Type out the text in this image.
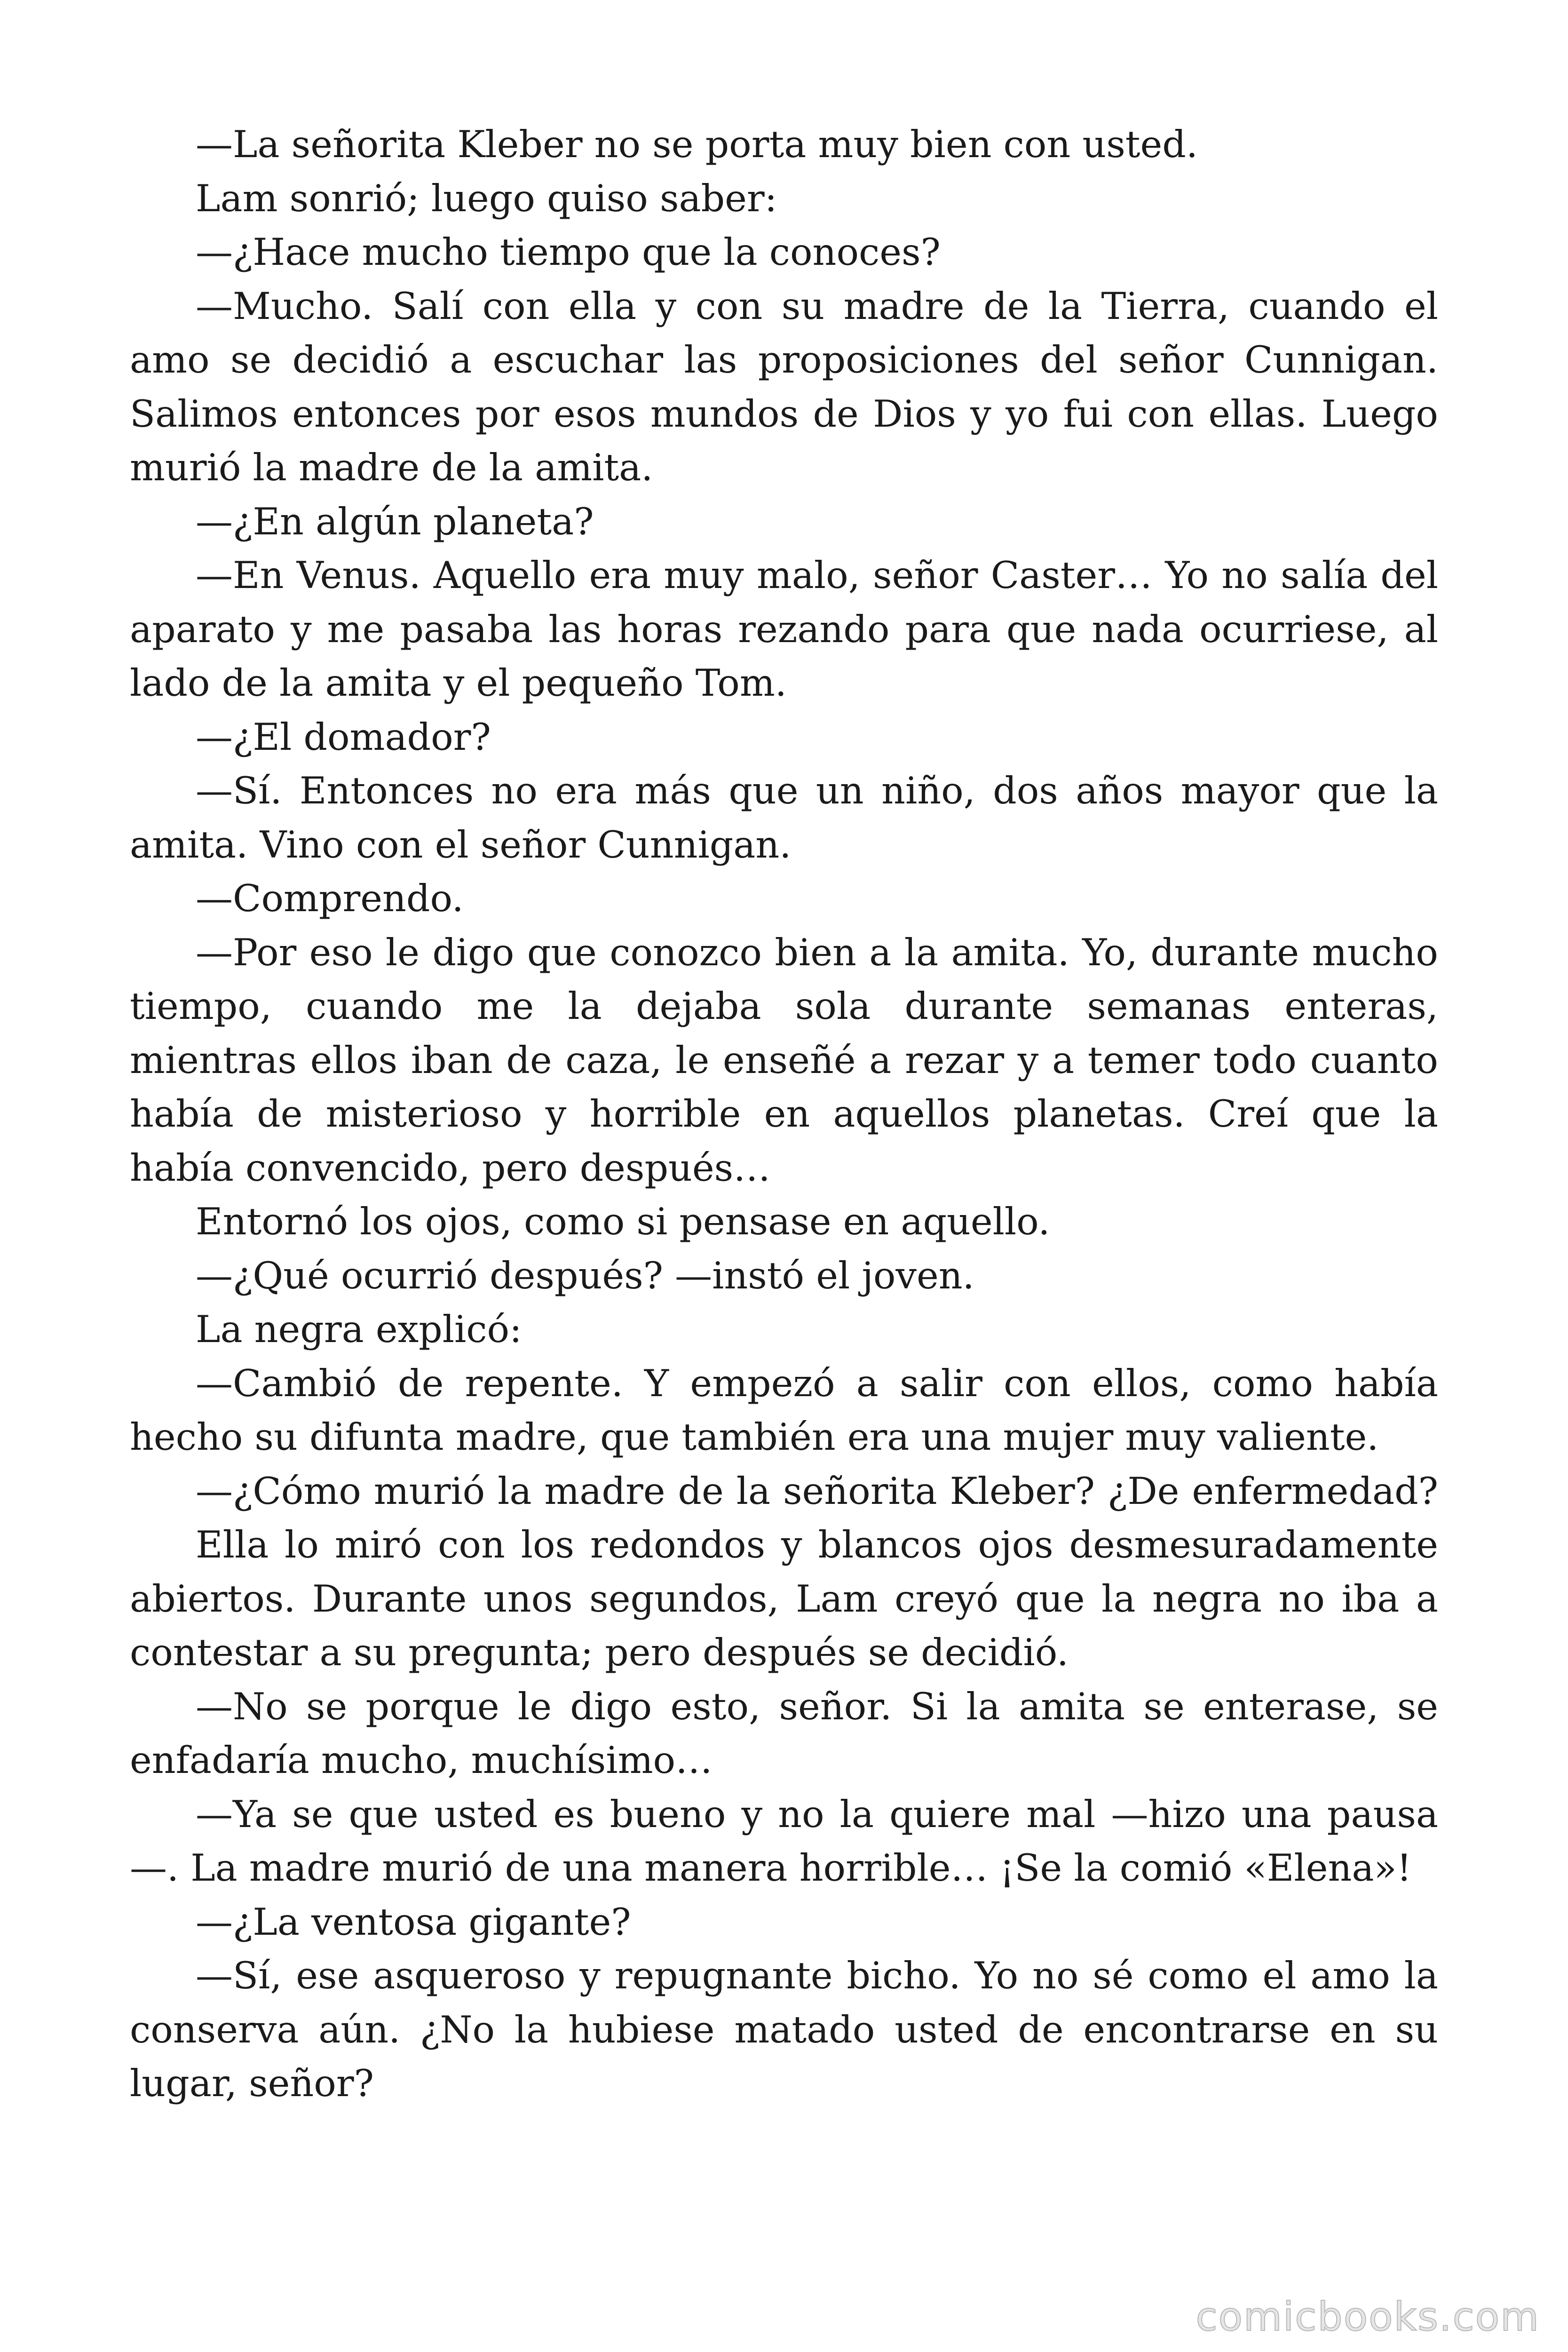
—La señorita Kleber no se porta muy bien con usted.

Lam sonrió; luego quiso saber:

—¿Hace mucho tiempo que la conoces?

—Mucho. Salí con ella y con su madre de la Tierra, cuando el amo se decidió a escuchar las proposiciones del señor Cunnigan. Salimos entonces por esos mundos de Dios y yo fui con ellas. Luego murió la madre de la amita.

—¿En algún planeta?

—En Venus. Aquello era muy malo, señor Caster… Yo no salía del aparato y me pasaba las horas rezando para que nada ocurriese, al lado de la amita y el pequeño Tom.

—¿El domador?

—Sí. Entonces no era más que un niño, dos años mayor que la amita. Vino con el señor Cunnigan.

—Comprendo.

—Por eso le digo que conozco bien a la amita. Yo, durante mucho tiempo, cuando me la dejaba sola durante semanas enteras, mientras ellos iban de caza, le enseñé a rezar y a temer todo cuanto había de misterioso y horrible en aquellos planetas. Creí que la había convencido, pero después…

Entornó los ojos, como si pensase en aquello.

—¿Qué ocurrió después? —instó el joven.

La negra explicó:

—Cambió de repente. Y empezó a salir con ellos, como había hecho su difunta madre, que también era una mujer muy valiente.

—¿Cómo murió la madre de la señorita Kleber? ¿De enfermedad?

Ella lo miró con los redondos y blancos ojos desmesuradamente abiertos. Durante unos segundos, Lam creyó que la negra no iba a contestar a su pregunta; pero después se decidió.

—No se porque le digo esto, señor. Si la amita se enterase, se enfadaría mucho, muchísimo…

—Ya se que usted es bueno y no la quiere mal —hizo una pausa —. La madre murió de una manera horrible… ¡Se la comió «Elena»!

—¿La ventosa gigante?

—Sí, ese asqueroso y repugnante bicho. Yo no sé como el amo la conserva aún. ¿No la hubiese matado usted de encontrarse en su lugar, señor?

comicbooks.com
